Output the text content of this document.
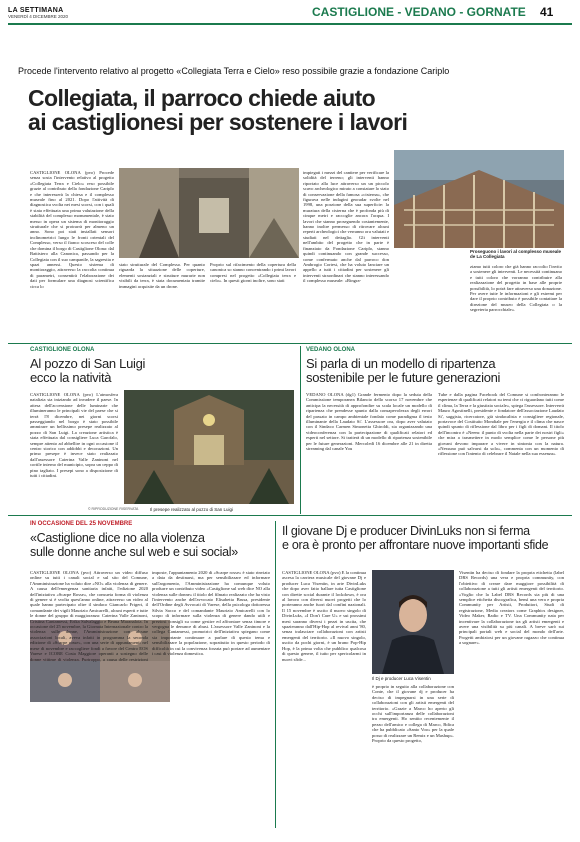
LA SETTIMANA
VENERDÌ 4 DICEMBRE 2020	CASTIGLIONE - VEDANO - GORNATE 41
Procede l'intervento relativo al progetto «Collegiata Terra e Cielo» reso possibile grazie a fondazione Cariplo
Collegiata, il parroco chiede aiuto
ai castiglionesi per sostenere i lavori
CASTIGLIONE OLONA (pvo) Procede senza sosta l'intervento relativo al progetto «Collegiata Terra e Cielo» reso possibile grazie al contributo della fondazione Cariplo e che interesserà la chiesa e il complesso museale fino al 2021. Dopo l'attività di diagnostica svolta nei mesi scorsi, con i quali è stata effettuata una prima valutazione della stabilità del complesso monumentale, è stato messo in opera un sistema di monitoraggio strutturale che si protrarrà per almeno un anno. Sono poi stati installati sensori inclinometrici lungo le fronti orientali del Complesso, verso il fianco scosceso del colle che domina il borgo di Castiglione Olona: dal Battistero alla Canonica, passando per la Collegiata con il suo campanile, la sagrestia e spazi annessi. Questo sistema di monitoraggio, attraverso la raccolta continua di parametri, consentirà l'elaborazione dei dati per formulare una diagnosi scientifica circa lo
stato strutturale del Complesso. Per quanto riguarda la situazione delle coperture, elementi sostanziali e strutture murarie non visibili da terra, è stata documentata tramite immagini acquisite da un drone.
Proprio sul rifacimento della copertura della canonica so stanno concentrando i primi lavori compresi nel progetto «Collegiata terra e cielo». In questi giorni inoltre, sono stati
impiegati i mezzi del cantiere per verificare la solidità del terreno; gli interventi hanno riportato alla luce attraverso un un piccolo scavo archeologico mirato a constatare lo stato di conservazione della famosa «cisterna», che figurava nelle indagini georadar svolte nel 1998, una porzione della sua superficie: la muratura della cisterna che è profonda più di cinque metri e raccoglie ancora l'acqua. I lavori che stanno proseguendo costantemente, hanno inoltre permesso di ritrovare alcuni reperti archeologici che verranno ora valutati e studiati nel dettaglio. Gli interventi nell'ambito del progetto che in parte è finanziato da Fondazione Cariplo, stanno quindi continuando con grande successo, come confermato anche dal parroco don Ambrogio Cortesi, che ha voluto lanciare un appello a tutti i cittadini per sostenere gli interventi straordinari che stanno interessando il complesso museale: «Ringra-
Proseguono i lavori al complesso museale de La Collegiata
ziamo tutti coloro che già hanno raccolto l'invito a sostenere gli interventi. Le necessità continuano e tutti coloro che vorranno contribuire alla realizzazione del progetto in base alle proprie possibilità, lo potrà fare attraverso una donazione. Per avere tutte le informazioni e gli estremi per dare il proprio contributo è possibile contattare la direzione del museo della Collegiata o la segreteria parrocchiale».
CASTIGLIONE OLONA
Al pozzo di San Luigi
ecco la natività
CASTIGLIONE OLONA (pvo) L'atmosfera natalizia sta iniziando ad invadere il paese. In attesa dell'accensione delle luminarie che illumineranno le principali vie del paese che si terrà l'8 dicembre, nei giorni scorsi passeggiando nel borgo è stato possibile ammirare un bellissimo presepe realizzato al pozzo di San Luigi. La creazione artistica è stata effettuata dal consigliere Luca Garofalo, sempre attento ad abbellire in ogni occasione il centro storico con addobbi e decorazioni. Un primo presepe è invece stato realizzato dall'assessore Caterina Valle Zaninoni nel cortile interno del municipio, sopra un ceppo di pino tagliato. I presepi sono a disposizione di tutti i cittadini.
© RIPRODUZIONE RISERVATA	Il presepe realizzato al pozzo di San Luigi
VEDANO OLONA
Si parla di un modello di ripartenza
sostenibile per le future generazioni
VEDANO OLONA (dg1) Grande fermento dopo la seduta della Commissione temporanea Bilancio dello scorso 17 novembre che anticipa la necessità di approfondire su scala locale un modello di ripartenza che prendesse spunto dalla consapevolezza degli errori del passato in campo ambientale fondato come paradigma il testo illuminante della Laudato Si'. L'assessore ora, dopo aver valutato con il Sindaco Carmen Simonetta Ghiroldi, sta organizzando una videoconferenza con la partecipazione di qualificati relatori ed esperti nel settore. Si tratterà di un modello di ripartenza sostenibile per le future generazioni. Mercoledì 16 dicembre alle 21 in diretta streaming dal canale You
Tube e dalla pagina Facebook del Comune si confronteranno le esperienze di qualificati relatori su temi che ci riguardano tutti come il clima, la Terra e la giustizia sociale», spiega l'assessore. Interverrà Mauro Agostinelli, presidente e fondatore dell'associazione Laudato Si', saggista, ricercatore, già sindacalista e consigliere regionale, portavoce del Costituito Mondiale per l'energia e il clima che nasce quindi spunto di riflessione dal libro per i figli di domani. Il titolo dell'incontro è «Neem: il punto di svolta nella parte dei nostri figli» che mira a trasmettere in modo semplice come le persone più giovani devono imparare a vivere in sintonia con la natura. «Nessuno può salvarsi da solo», commenta con un momento di riflessione con l'intento di celebrare il Natale nella sua essenza».
IN OCCASIONE DEL 25 NOVEMBRE
«Castiglione dice no alla violenza
sulle donne anche sul web e sui social»
CASTIGLIONE OLONA (pvo) Attraverso un video diffuso online su tutti i canali social e sul sito del Comune, l'Amministrazione ha voluto dire «NO» alla violenza di genere. A causa dell'emergenza sanitaria infatti, l'edizione 2020 dell'iniziativa «Scarpe Rosse», che consueta forma di violenza di genere si è svolta quest'anno online, attraverso un video al quale hanno partecipato oltre il sindaco Giancarlo Frigeri, il comandante dei vigili Maurizio Amicarelli, alcuni esperti e tutte le donne del gruppo di maggioranza: Caterina Valle Zaninoni, Cristina Cantamessi, Erika Salvalaggio e Beana Maranaloia. In occasione del 25 novembre, la Giornata Internazionale contro la violenza sulle donne, l'Amministrazione con alcune associazioni locali, aveva infatti in programma la seconda edizione di «Scarpe rosse», con una serie di appuntamenti nel mese di novembre e raccogliere fondi a favore del Centro EOS Varese e ICORE Costa Maggiore operanti a sostegno delle donne vittime di violenza. Purtroppo, a causa delle restrizioni imposte, l'appuntamento 2020 di «Scarpe rosse» è stato rinviato a data da destinarsi, ma per sensibilizzare ed informare sull'argomento, l'Amministrazione ha comunque voluto produrre un contributo video «Castiglione sul web dice NO alla violenza sulle donne» il titolo del filmato realizzato che ha visto l'intervento anche dell'avvocato Elisabetta Brusa, presidente dell'Ordine degli Avvocati di Varese, della psicologa dottoressa Silvia Sacco e del comandante Maurizio Amicarelli con lo scopo di informare sulla violenza di genere dando utili e preziosi consigli su come gestire ed affrontare senza timore e vergogna le denunce di abusi. L'assessore Valle Zaninoni e la collega Cantamessi, promotrici dell'iniziativa spiegano come sia importante continuare a parlare di questo tema e sensibilizzare la popolazione, soprattutto in questo periodo di difficoltà in cui la convivenza forzata può portare ad aumentare i casi di violenza domestica.
Il giovane Dj e producer DivinLuks non si ferma
e ora è pronto per affrontare nuove importanti sfide
CASTIGLIONE OLONA (pvo) E la continua ascesa la carriera musicale del giovane Dj e producer Luca Visentin, in arte DivinLuks che dopo aver fatto ballare tutta Castiglione con dirette social durante il lockdown, è ora al lavoro con diversi nuovi progetti che lo porteranno anche fuori dal confini nazionali. Il 15 novembre è uscito il nuovo singolo di DivinLuks, «I Don't Care U» e sui prossimi mesi saranno diversi i pezzi in uscita, che spazieranno dall'Hip-Hop al revival anni '80, senza tralasciare collaborazioni con artisti emergenti del territorio. «Il nuovo singolo, uscito da pochi giorni, è un brano Pop-Hip Hop, è la prima volta che pubblico qualcosa di questo genere, il tutto per spericolarmi in nuovi sfide...
Il Dj e producer Luca Visentin
è proprio in seguito alla collaborazione con Conte, che il giovane dj e producer ha deciso di impegnarsi in una serie di collaborazioni con gli artisti emergenti del territorio. «Grazie a Marco ho aperto gli occhi sull'importanza delle collaborazioni tra emergenti. Ho sentito recentemente il pezzo dell'amico e collega di Marco, Bdica che ha pubblicato «Santo Voo» per la quale posso di realizzare un Remix e un Mashup». Proprio da questo progetto,
Visentin ha deciso di fondare la propria etichetta (label DRS Records) una vera e propria community, con l'obiettivo di creare dare maggiore possibilità di collaborazione a tutti gli artisti emergenti del territorio. «Voglio che la Label DRS Records sia più di una semplice etichetta discografica, bensì una vera e propria Community per Artisti, Produttori, Studi di registrazione, Media creators come Graphics designer, Video Maker, Radio e TV. Una Community nata per incentivare la collaborazione tra gli artisti emergenti e avere una visibilità su più canali. A breve sarò sui principali portali web e social del mondo dell'arte. Progetti ambiziosi per un giovane ragazzo che continua a sognare».
